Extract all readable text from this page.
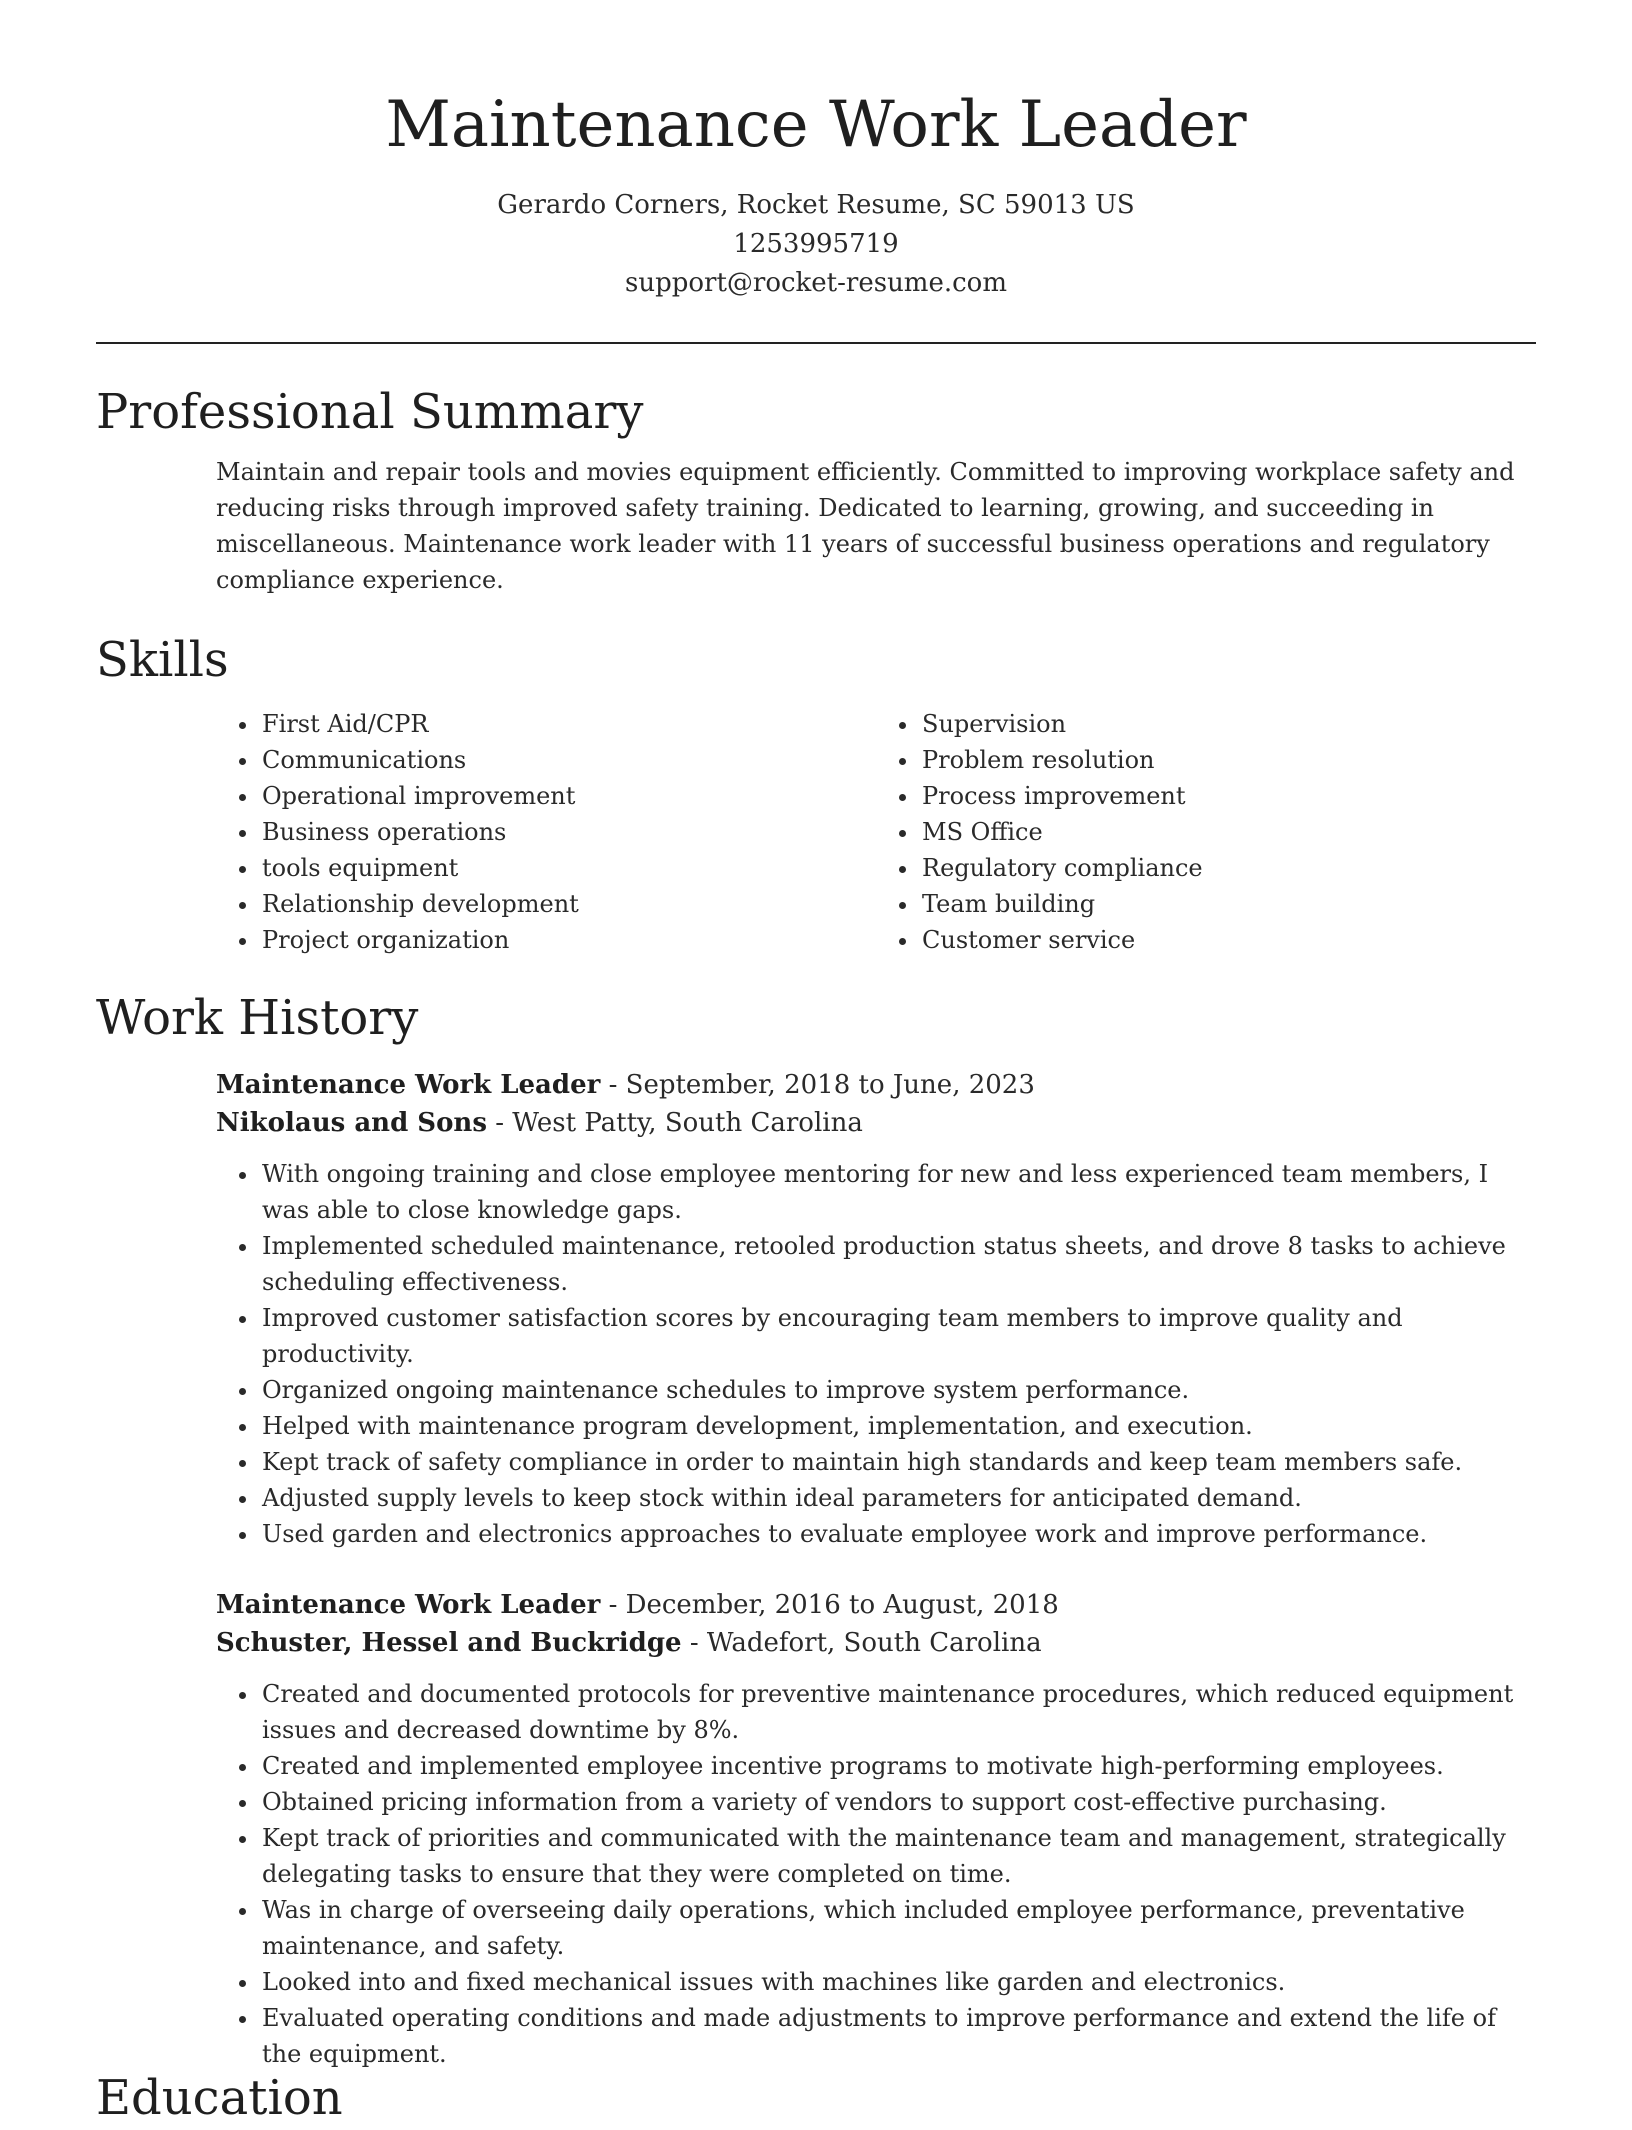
Maintenance Work Leader
Gerardo Corners, Rocket Resume, SC 59013 US
1253995719
support@rocket-resume.com
Professional Summary
Maintain and repair tools and movies equipment efficiently. Committed to improving workplace safety and reducing risks through improved safety training. Dedicated to learning, growing, and succeeding in miscellaneous. Maintenance work leader with 11 years of successful business operations and regulatory compliance experience.
Skills
• First Aid/CPR
• Communications
• Operational improvement
• Business operations
• tools equipment
• Relationship development
• Project organization
• Supervision
• Problem resolution
• Process improvement
• MS Office
• Regulatory compliance
• Team building
• Customer service
Work History
Maintenance Work Leader - September, 2018 to June, 2023
Nikolaus and Sons - West Patty, South Carolina
• With ongoing training and close employee mentoring for new and less experienced team members, I was able to close knowledge gaps.
• Implemented scheduled maintenance, retooled production status sheets, and drove 8 tasks to achieve scheduling effectiveness.
• Improved customer satisfaction scores by encouraging team members to improve quality and productivity.
• Organized ongoing maintenance schedules to improve system performance.
• Helped with maintenance program development, implementation, and execution.
• Kept track of safety compliance in order to maintain high standards and keep team members safe.
• Adjusted supply levels to keep stock within ideal parameters for anticipated demand.
• Used garden and electronics approaches to evaluate employee work and improve performance.
Maintenance Work Leader - December, 2016 to August, 2018
Schuster, Hessel and Buckridge - Wadefort, South Carolina
• Created and documented protocols for preventive maintenance procedures, which reduced equipment issues and decreased downtime by 8%.
• Created and implemented employee incentive programs to motivate high-performing employees.
• Obtained pricing information from a variety of vendors to support cost-effective purchasing.
• Kept track of priorities and communicated with the maintenance team and management, strategically delegating tasks to ensure that they were completed on time.
• Was in charge of overseeing daily operations, which included employee performance, preventative maintenance, and safety.
• Looked into and fixed mechanical issues with machines like garden and electronics.
• Evaluated operating conditions and made adjustments to improve performance and extend the life of the equipment.
Education
